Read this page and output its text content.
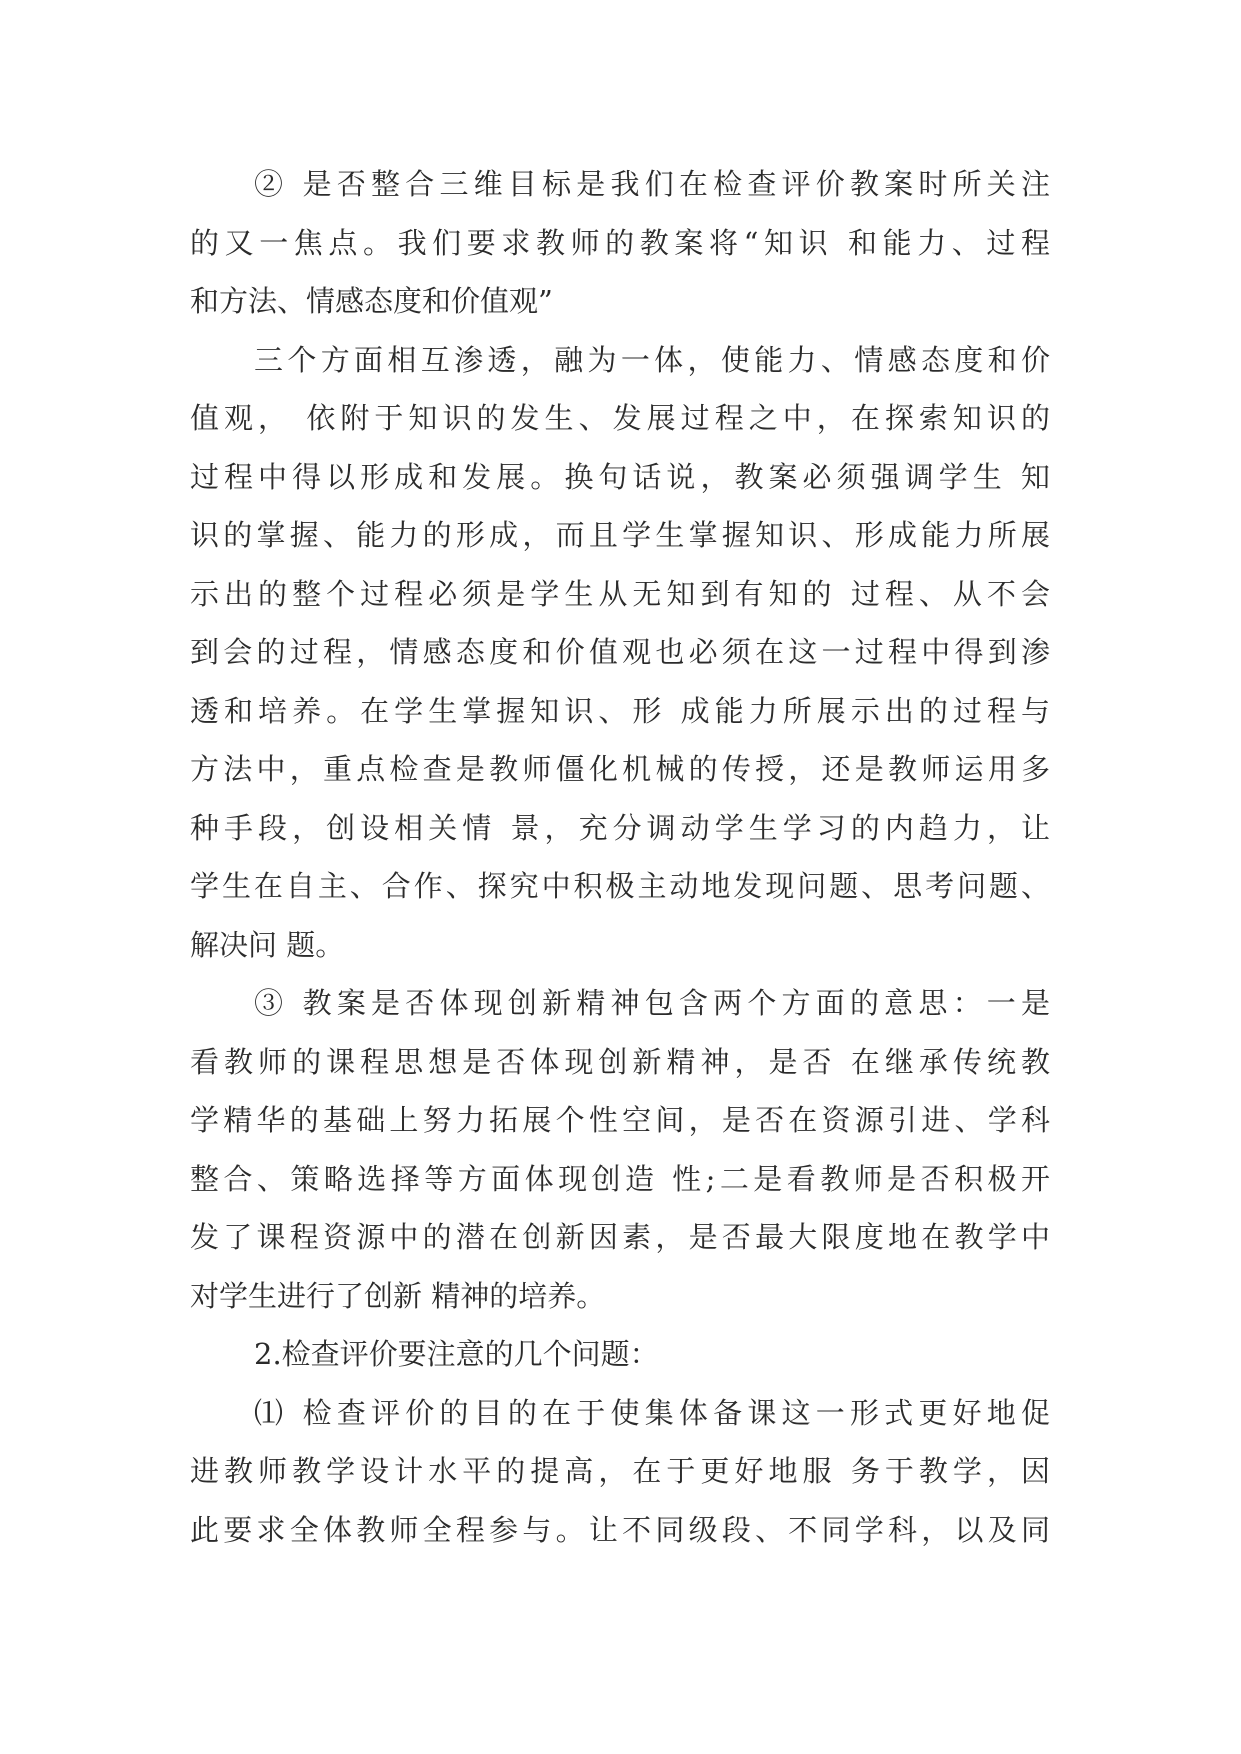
② 是否整合三维目标是我们在检查评价教案时所关注
的又一焦点。我们要求教师的教案将“知识 和能力、过程
和方法、情感态度和价值观”
三个方面相互渗透，融为一体，使能力、情感态度和价
值观， 依附于知识的发生、发展过程之中，在探索知识的
过程中得以形成和发展。换句话说，教案必须强调学生 知
识的掌握、能力的形成，而且学生掌握知识、形成能力所展
示出的整个过程必须是学生从无知到有知的 过程、从不会
到会的过程，情感态度和价值观也必须在这一过程中得到渗
透和培养。在学生掌握知识、形 成能力所展示出的过程与
方法中，重点检查是教师僵化机械的传授，还是教师运用多
种手段，创设相关情 景，充分调动学生学习的内趋力，让
学生在自主、合作、探究中积极主动地发现问题、思考问题、
解决问 题。
③ 教案是否体现创新精神包含两个方面的意思：一是
看教师的课程思想是否体现创新精神，是否 在继承传统教
学精华的基础上努力拓展个性空间，是否在资源引进、学科
整合、策略选择等方面体现创造 性;二是看教师是否积极开
发了课程资源中的潜在创新因素，是否最大限度地在教学中
对学生进行了创新 精神的培养。
2.检查评价要注意的几个问题：
⑴ 检查评价的目的在于使集体备课这一形式更好地促
进教师教学设计水平的提高，在于更好地服 务于教学，因
此要求全体教师全程参与。让不同级段、不同学科，以及同
